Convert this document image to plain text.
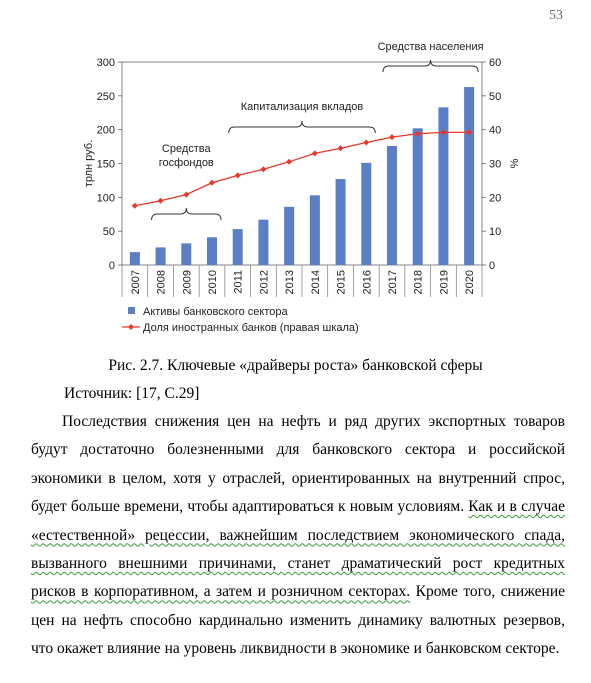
53
0
50
100
150
200
250
300
0
10
20
30
40
50
60
трлн руб.	%
2007 2008 2009 2010 2011 2012 2013 2014 2015 2016 2017 2018 2019 2020
Средства
госфондов
Капитализация вкладов
Средства населения
Активы банковского сектора
Доля иностранных банков (правая шкала)
Рис. 2.7. Ключевые «драйверы роста» банковской сферы
Источник: [17, С.29]

Последствия снижения цен на нефть и ряд других экспортных товаров будут достаточно болезненными для банковского сектора и российской экономики в целом, хотя у отраслей, ориентированных на внутренний спрос, будет больше времени, чтобы адаптироваться к новым условиям. Как и в случае «естественной» рецессии, важнейшим последствием экономического спада, вызванного внешними причинами, станет драматический рост кредитных рисков в корпоративном, а затем и розничном секторах. Кроме того, снижение цен на нефть способно кардинально изменить динамику валютных резервов, что окажет влияние на уровень ликвидности в экономике и банковском секторе.
